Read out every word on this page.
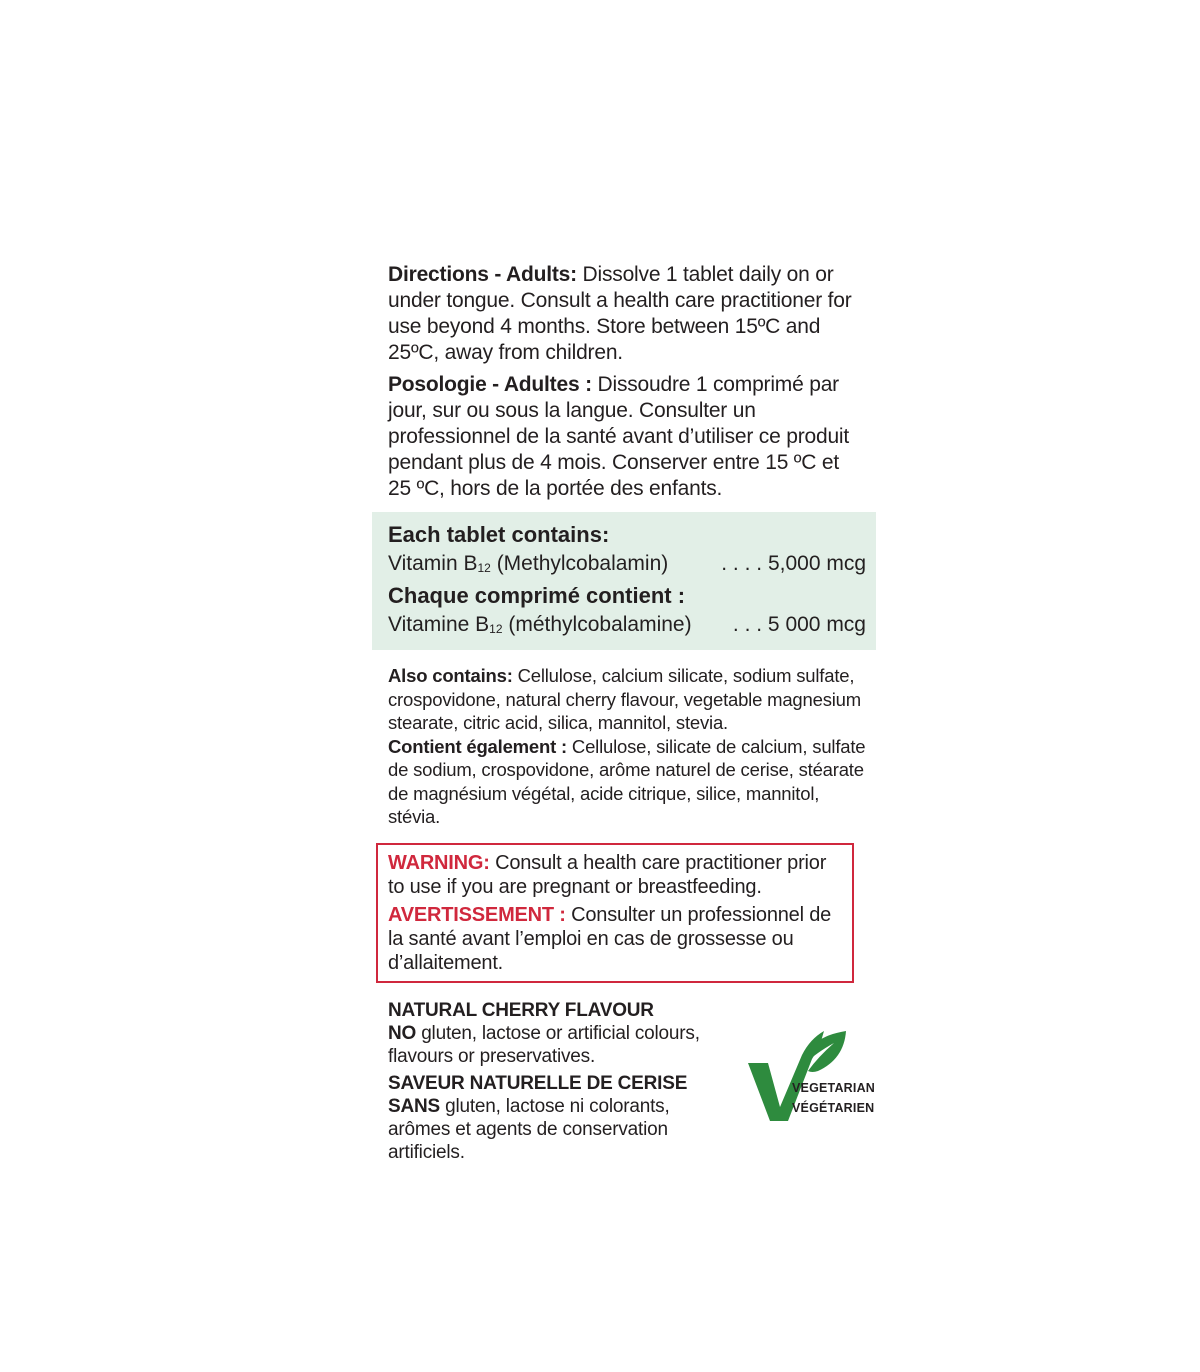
Directions - Adults: Dissolve 1 tablet daily on or under tongue. Consult a health care practitioner for use beyond 4 months. Store between 15ºC and 25ºC, away from children.

Posologie - Adultes : Dissoudre 1 comprimé par jour, sur ou sous la langue. Consulter un professionnel de la santé avant d’utiliser ce produit pendant plus de 4 mois. Conserver entre 15 ºC et 25 ºC, hors de la portée des enfants.

Each tablet contains:
Vitamin $B_{12}$ (Methylcobalamin)	. . . . 5,000 mcg
Chaque comprimé contient :
Vitamine $B_{12}$ (méthylcobalamine) . . . 5 000 mcg
Also contains: Cellulose, calcium silicate, sodium sulfate, crospovidone, natural cherry flavour, vegetable magnesium stearate, citric acid, silica, mannitol, stevia.
Contient également : Cellulose, silicate de calcium, sulfate de sodium, crospovidone, arôme naturel de cerise, stéarate de magnésium végétal, acide citrique, silice, mannitol, stévia.
WARNING: Consult a health care practitioner prior to use if you are pregnant or breastfeeding.
AVERTISSEMENT : Consulter un professionnel de la santé avant l’emploi en cas de grossesse ou d’allaitement.
NATURAL CHERRY FLAVOUR
NO gluten, lactose or artificial colours, flavours or preservatives.
SAVEUR NATURELLE DE CERISE
SANS gluten, lactose ni colorants, arômes et agents de conservation artificiels.
VEGETARIAN
VÉGÉTARIEN
